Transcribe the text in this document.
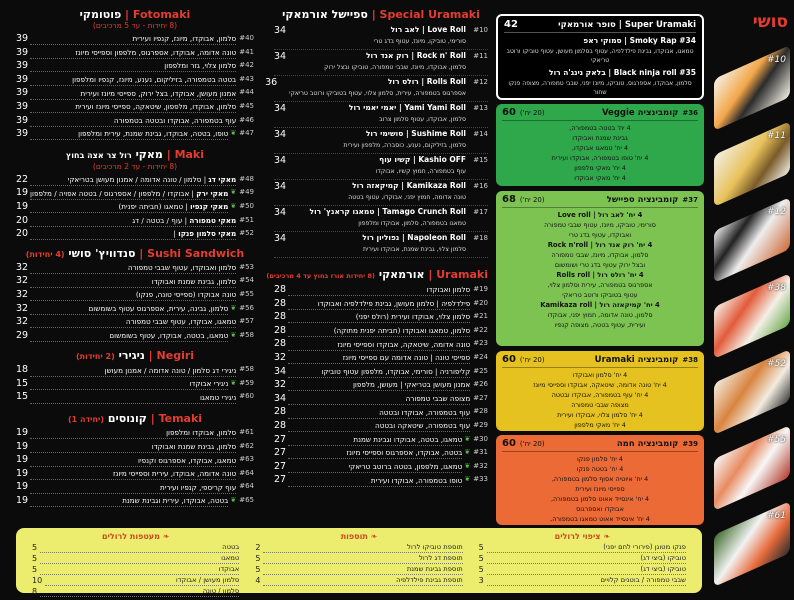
Fotomaki | פוטומקי
(8 יחידות - עד 5 מרכיבים)
#40
סלמון, אבוקדו, מיונז, קנפיו ועירית
39
#41
טונה אדומה, אבוקדו, אספרגוס, מלפפון וספייסי מיונז
39
#42
סלמון צלוי, גזר ומלפפון
39
#43
בטטה בטמפורה, בזיליקום, נענע, מיונז, קנפיו ומלפפון
39
#44
אמנון מעושן, אבוקדו, בצל ירוק, ספייסי מיונז ועירית
39
#45
סלמון, אבוקדו, מלפפון, שיטאקה, ספייסי מיונז ועירית
39
#46
עוף בטמפורה, אבוקדו ובטטה בטמפורה
39
#47
❦
טופו, בטטה, אבוקדו, גבינת שמנת, עירית ומלפפון
39
Maki | מאקי רול צר אצה בחוץ
(8 יחידות - עד 2 מרכיבים)
#48
מאקי דג | סלמון / טונה אדומה / אמנון מעושן בטריאקי
22
#49
❦
מאקי ירק | אבוקדו / מלפפון / אספרגוס / בטטה אפויה / מלפפון
19
#50
❦
מאקי קנפיו | טמאגו (חביתה יפנית)
19
#51
מאקי טמפורה | עוף / בטטה / דג
20
#52
מאקי סלמון פנקו |
20
Sushi Sandwich | סנדוויץ' סושי (4 יחידות)
#53
סלמון ואבוקדו, עטוף שבבי טמפורה
32
#54
סלמון, גבינת שמנת ואבוקדו
32
#55
טונה אבוקדו (ספייסי טונה, פנקו)
32
#56
❦
סלמון, גבינה, עירית, אספרגוס עטוף בשומשום
32
#57
טמאגו, אבוקדו, עטוף שבבי טמפורה
32
#58
❦
טמאגו, בטטה, אבוקדו, עטוף בשומשום
29
Negiri | ניגירי (2 יחידות)
#58
ניגירי דג סלמון / טונה אדומה / אמנון מעושן
18
#59
❦
ניגירי אבוקדו
15
#60
ניגירי טמאגו
15
Temaki | קונוסים (יחידה 1)
#61
סלמון, אבוקדו ומלפפון
19
#62
סלמון, גבינת שמנת ואבוקדו
19
#63
טמאגו, אבוקדו, אספרגוס וקנפיו
19
#64
טונה אדומה, אבוקדו, עירית וספייסי מיונז
19
#64
עוף קריספי, קנפיו ועירית
19
#65
❦
בטטה, אבוקדו, עירית וגבינת שמנת
19
Special Uramaki | ספיישל אורמאקי
#10
Love Roll | לאב רול
סורימי, טוביקו, מיונז, עטוף בדג טרי
34
#11
Rock n' Roll | רוק אנד רול
סלמון, אבוקדו, מיונז, שבבי טמפורה, טוביקו ובצל ירוק
34
#12
Rolls Roll | רולס רול
אספרגוס בטמפורה, עירית, סלמון צלוי, עטוף בטוביקו ורוטב טריאקי
36
#13
Yami Yami Roll | יאמי יאמי רול
סלמון, אבוקדו, עטוף סלמון צרוב
34
#14
Sushime Roll | סושימי רול
סלמון, בזיליקום, נענע, כוסברה, מלפפון ועירית
34
#15
Kashio OFF | קשיו עוף
עוף בטמפורה, חמוץ קשיו, אבוקדו
34
#16
Kamikaza Roll | קמיקאזה רול
טונה אדומה, חמוץ יפני, אבוקדו, עטוף בטטה
34
#17
Tamago Crunch Roll | טמאגו קראנץ' רול
טמאגו בטמפורה, סלמון, אבוקדו ומלפפון
34
#18
Napoleon Roll | נפוליון רול
סלמון צלוי, גבינת שמנת, אבוקדו ועירית
34
Uramaki | אורמאקי (8 יחידות אורז בחוץ עד 4 מרכיבים)
#19
סלמון ואבוקדו
28
#20
פילדלפיה | סלמון מעושן, גבינת פילדלפיה ואבוקדו
28
#21
סלמון צלוי, אבוקדו ועירית (רולס יפני)
28
#22
סלמון, טמאגו ואבוקדו (חביתה יפנית מתוקה)
28
#23
טונה אדומה, שיטאקה, אבוקדו וספייסי מיונז
28
#24
ספייסי טונה | טונה אדומה עם ספייסי מיונז
32
#25
קליפורניה | סורימי, אבוקדו, מלפפון עטוף טוביקו
34
#26
אמנון מעושן בטריאקי | מעושן, מלפפון
32
#27
מצופה שבבי טמפורה
34
#28
עוף בטמפורה, אבוקדו ובטטה
28
#29
עוף בטמפורה, שיטאקה ובטטה
28
#30
❦
טמאגו, בטטה, אבוקדו וגבינת שמנת
27
#31
❦
בטטה, אבוקדו, אספרגוס וספייסי מיונז
27
#32
❦
טמאגו, מלפפון, בטטה ברוטב טריאקי
27
#33
❦
טופו בטמפורה, אבוקדו ועירית
27
Super Uramaki | סופר אורמאקי
42
#34 Smoky Rap | סמוקי ראפ
טמאגו, אבוקדו, גבינת פילדלפיה, עטוף בסלמון מעושן, עטוף טוביקו ורוטב טריאקי
#35 Black ninja roll | בלאק נינג'ה רול
סלמון, אבוקדו, אספרגוס, טוביקו, מיונז יפני, שבבי טמפורה, מצופה פנקו שחור
#36
קומבינציה Veggie
(20 יח')
60
4 יח' בטטה בטמפורה,
גבינת שמנת ואבוקדו
4 יח' טמאגו אבוקדו,
4 יח' טופו בטמפורה, אבוקדו ועירית
4 יח' מאקי מלפפון
4 יח' מאקי אבוקדו
#37
קומבינציה ספיישל
(20 יח')
68
4 יח' לאב רול | Love roll
סורימי, טוביקו, מיונז, עטוף שבבי טמפורה
ואבוקדו, עטוף בדג טרי
4 יח' רוק אנד רול | Rock n'roll
סלמון, אבוקדו, מיונז, שבבי טמפורה
ובצל ירוק עטוף בדג טרי ושומשום
4 יח' רולס רול | Rolls roll
אספרגוס בטמפורה, עירית וסלמון צלוי,
עטוף בטוביקו ורוטב טריאקי
4 יח' קמיקאזה רול | Kamikaza roll
סלמון, טונה אדומה, חמוץ יפני, אבוקדו
ועירית, עטוף בטטה, מצופה קנפיו
#38
קומבינציה Uramaki
(20 יח')
60
4 יח' סלמון ואבוקדו
4 יח' טונה אדומה, שיטאקה, אבוקדו וספייסי מיונז
4 יח' עוף בטמפורה, אבוקדו ובטטה
מצופה שבבי טמפורה
4 יח' סלמון צלוי, אבוקדו ועירית
4 יח' מאקי מלפפון
#39
קומבינציה חמה
(20 יח')
60
4 יח' סלמון פנקו
4 יח' בטטה פנקו
4 יח' איוטיה אסוף סלמון בטמפורה,
ספייסי מיונז ועירית
4 יח' אינסייד אאוט סלמון בטמפורה,
אבוקדו ואספרגוס
4 יח' אינסייד אאוט טמאגו בטמפורה,
סושי
#10
#11
#12
#38
#52
#55
#61
❧ ציפוי לרולים
פנקו מטוגן (פירורי לחם יפני)
5
טוביקו (ביצי דג)
5
טוביקו (ביצי דג)
5
שבבי טמפורה / בוטנים קלויים
3
❧ תוספות
תוספת טוביקו לרול
2
תוספת דג לרול
5
תוספת גבינת שמנת
5
תוספת גבינת פילדלפיה
4
❧ מעטפות לרולים
בטטה
5
טמאגו
5
אבוקדו
5
סלמון מעושן / אבוקדו
10
סלמון / טונה
8
